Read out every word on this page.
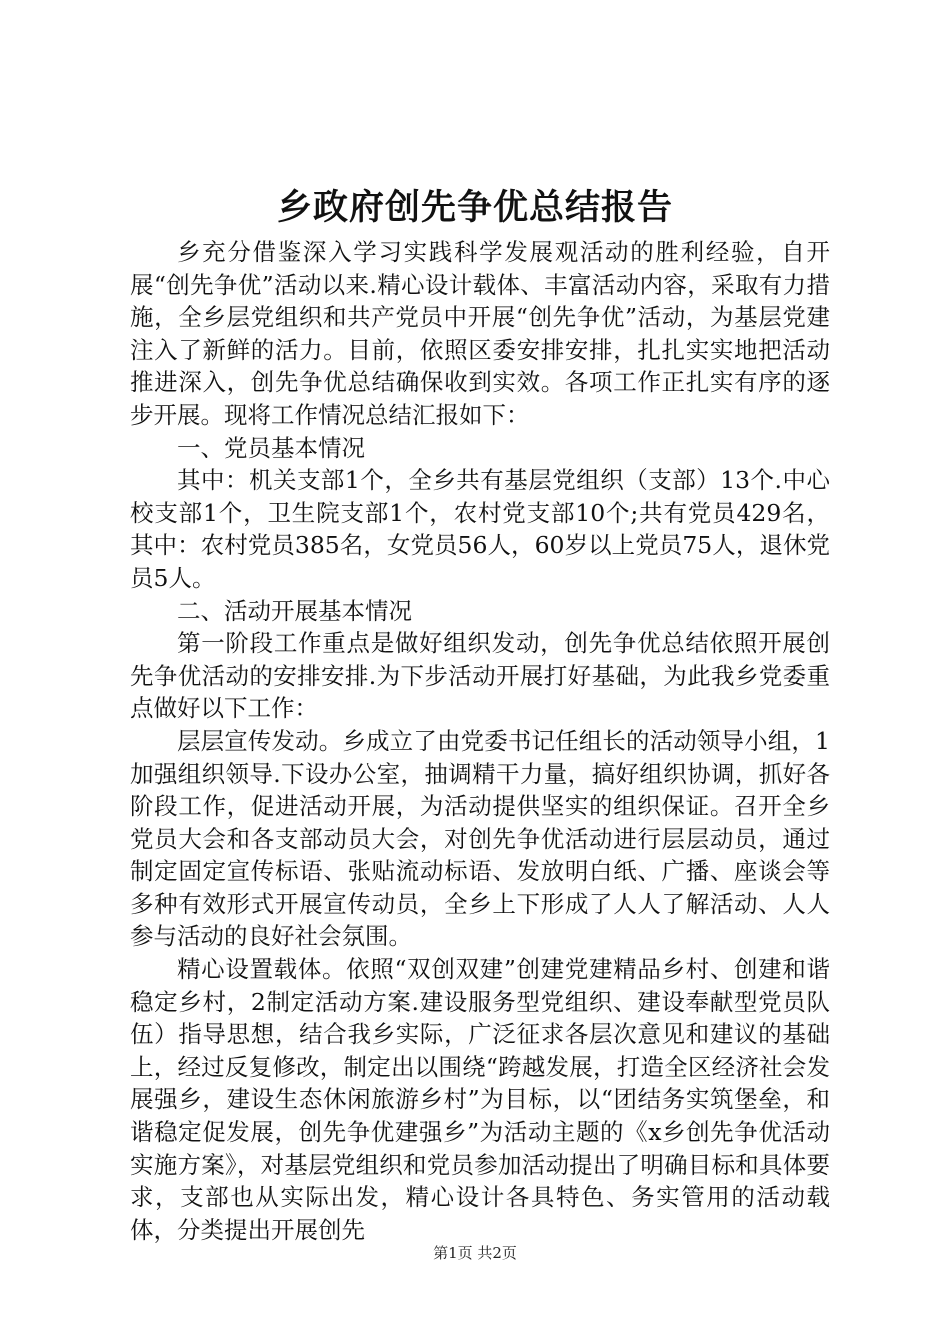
乡政府创先争优总结报告

乡充分借鉴深入学习实践科学发展观活动的胜利经验，自开展“创先争优”活动以来.精心设计载体、丰富活动内容，采取有力措施，全乡层党组织和共产党员中开展“创先争优”活动，为基层党建注入了新鲜的活力。目前，依照区委安排安排，扎扎实实地把活动推进深入，创先争优总结确保收到实效。各项工作正扎实有序的逐步开展。现将工作情况总结汇报如下：

一、党员基本情况

其中：机关支部1个，全乡共有基层党组织（支部）13个.中心校支部1个，卫生院支部1个，农村党支部10个;共有党员429名，其中：农村党员385名，女党员56人，60岁以上党员75人，退休党员5人。

二、活动开展基本情况

第一阶段工作重点是做好组织发动，创先争优总结依照开展创先争优活动的安排安排.为下步活动开展打好基础，为此我乡党委重点做好以下工作：

层层宣传发动。乡成立了由党委书记任组长的活动领导小组，1加强组织领导.下设办公室，抽调精干力量，搞好组织协调，抓好各阶段工作，促进活动开展，为活动提供坚实的组织保证。召开全乡党员大会和各支部动员大会，对创先争优活动进行层层动员，通过制定固定宣传标语、张贴流动标语、发放明白纸、广播、座谈会等多种有效形式开展宣传动员，全乡上下形成了人人了解活动、人人参与活动的良好社会氛围。

精心设置载体。依照“双创双建”创建党建精品乡村、创建和谐稳定乡村，2制定活动方案.建设服务型党组织、建设奉献型党员队伍）指导思想，结合我乡实际，广泛征求各层次意见和建议的基础上，经过反复修改，制定出以围绕“跨越发展，打造全区经济社会发展强乡，建设生态休闲旅游乡村”为目标，以“团结务实筑堡垒，和谐稳定促发展，创先争优建强乡”为活动主题的《x乡创先争优活动实施方案》，对基层党组织和党员参加活动提出了明确目标和具体要求，支部也从实际出发，精心设计各具特色、务实管用的活动载体，分类提出开展创先

第1页 共2页
